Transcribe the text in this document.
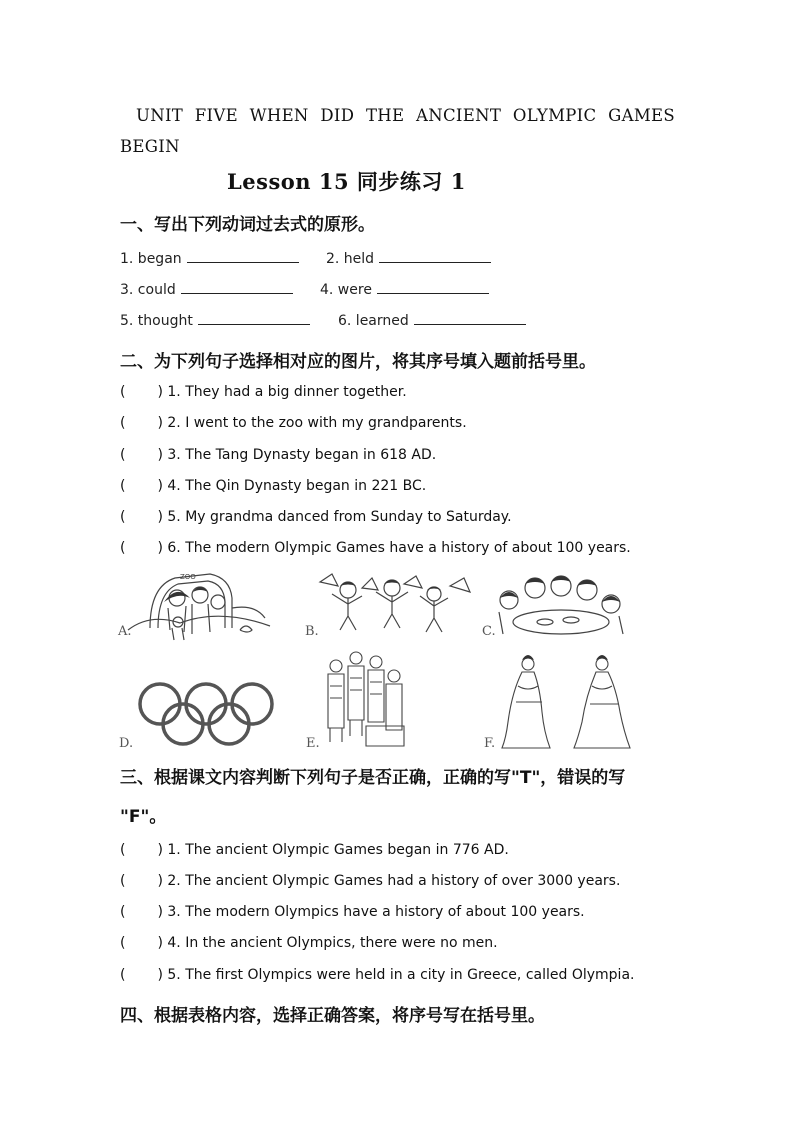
UNIT FIVE WHEN DID THE ANCIENT OLYMPIC GAMES
BEGIN
Lesson 15 同步练习 1
一、写出下列动词过去式的原形。
1. began	2. held
3. could	4. were
5. thought	6. learned
二、为下列句子选择相对应的图片，将其序号填入题前括号里。
( ) 1. They had a big dinner together.
( ) 2. I went to the zoo with my grandparents.
( ) 3. The Tang Dynasty began in 618 AD.
( ) 4. The Qin Dynasty began in 221 BC.
( ) 5. My grandma danced from Sunday to Saturday.
( ) 6. The modern Olympic Games have a history of about 100 years.
ZOO
A.	B.	C.
D.	E.	F.
三、根据课文内容判断下列句子是否正确，正确的写"T"，错误的写
"F"。
( ) 1. The ancient Olympic Games began in 776 AD.
( ) 2. The ancient Olympic Games had a history of over 3000 years.
( ) 3. The modern Olympics have a history of about 100 years.
( ) 4. In the ancient Olympics, there were no men.
( ) 5. The first Olympics were held in a city in Greece, called Olympia.
四、根据表格内容，选择正确答案，将序号写在括号里。
